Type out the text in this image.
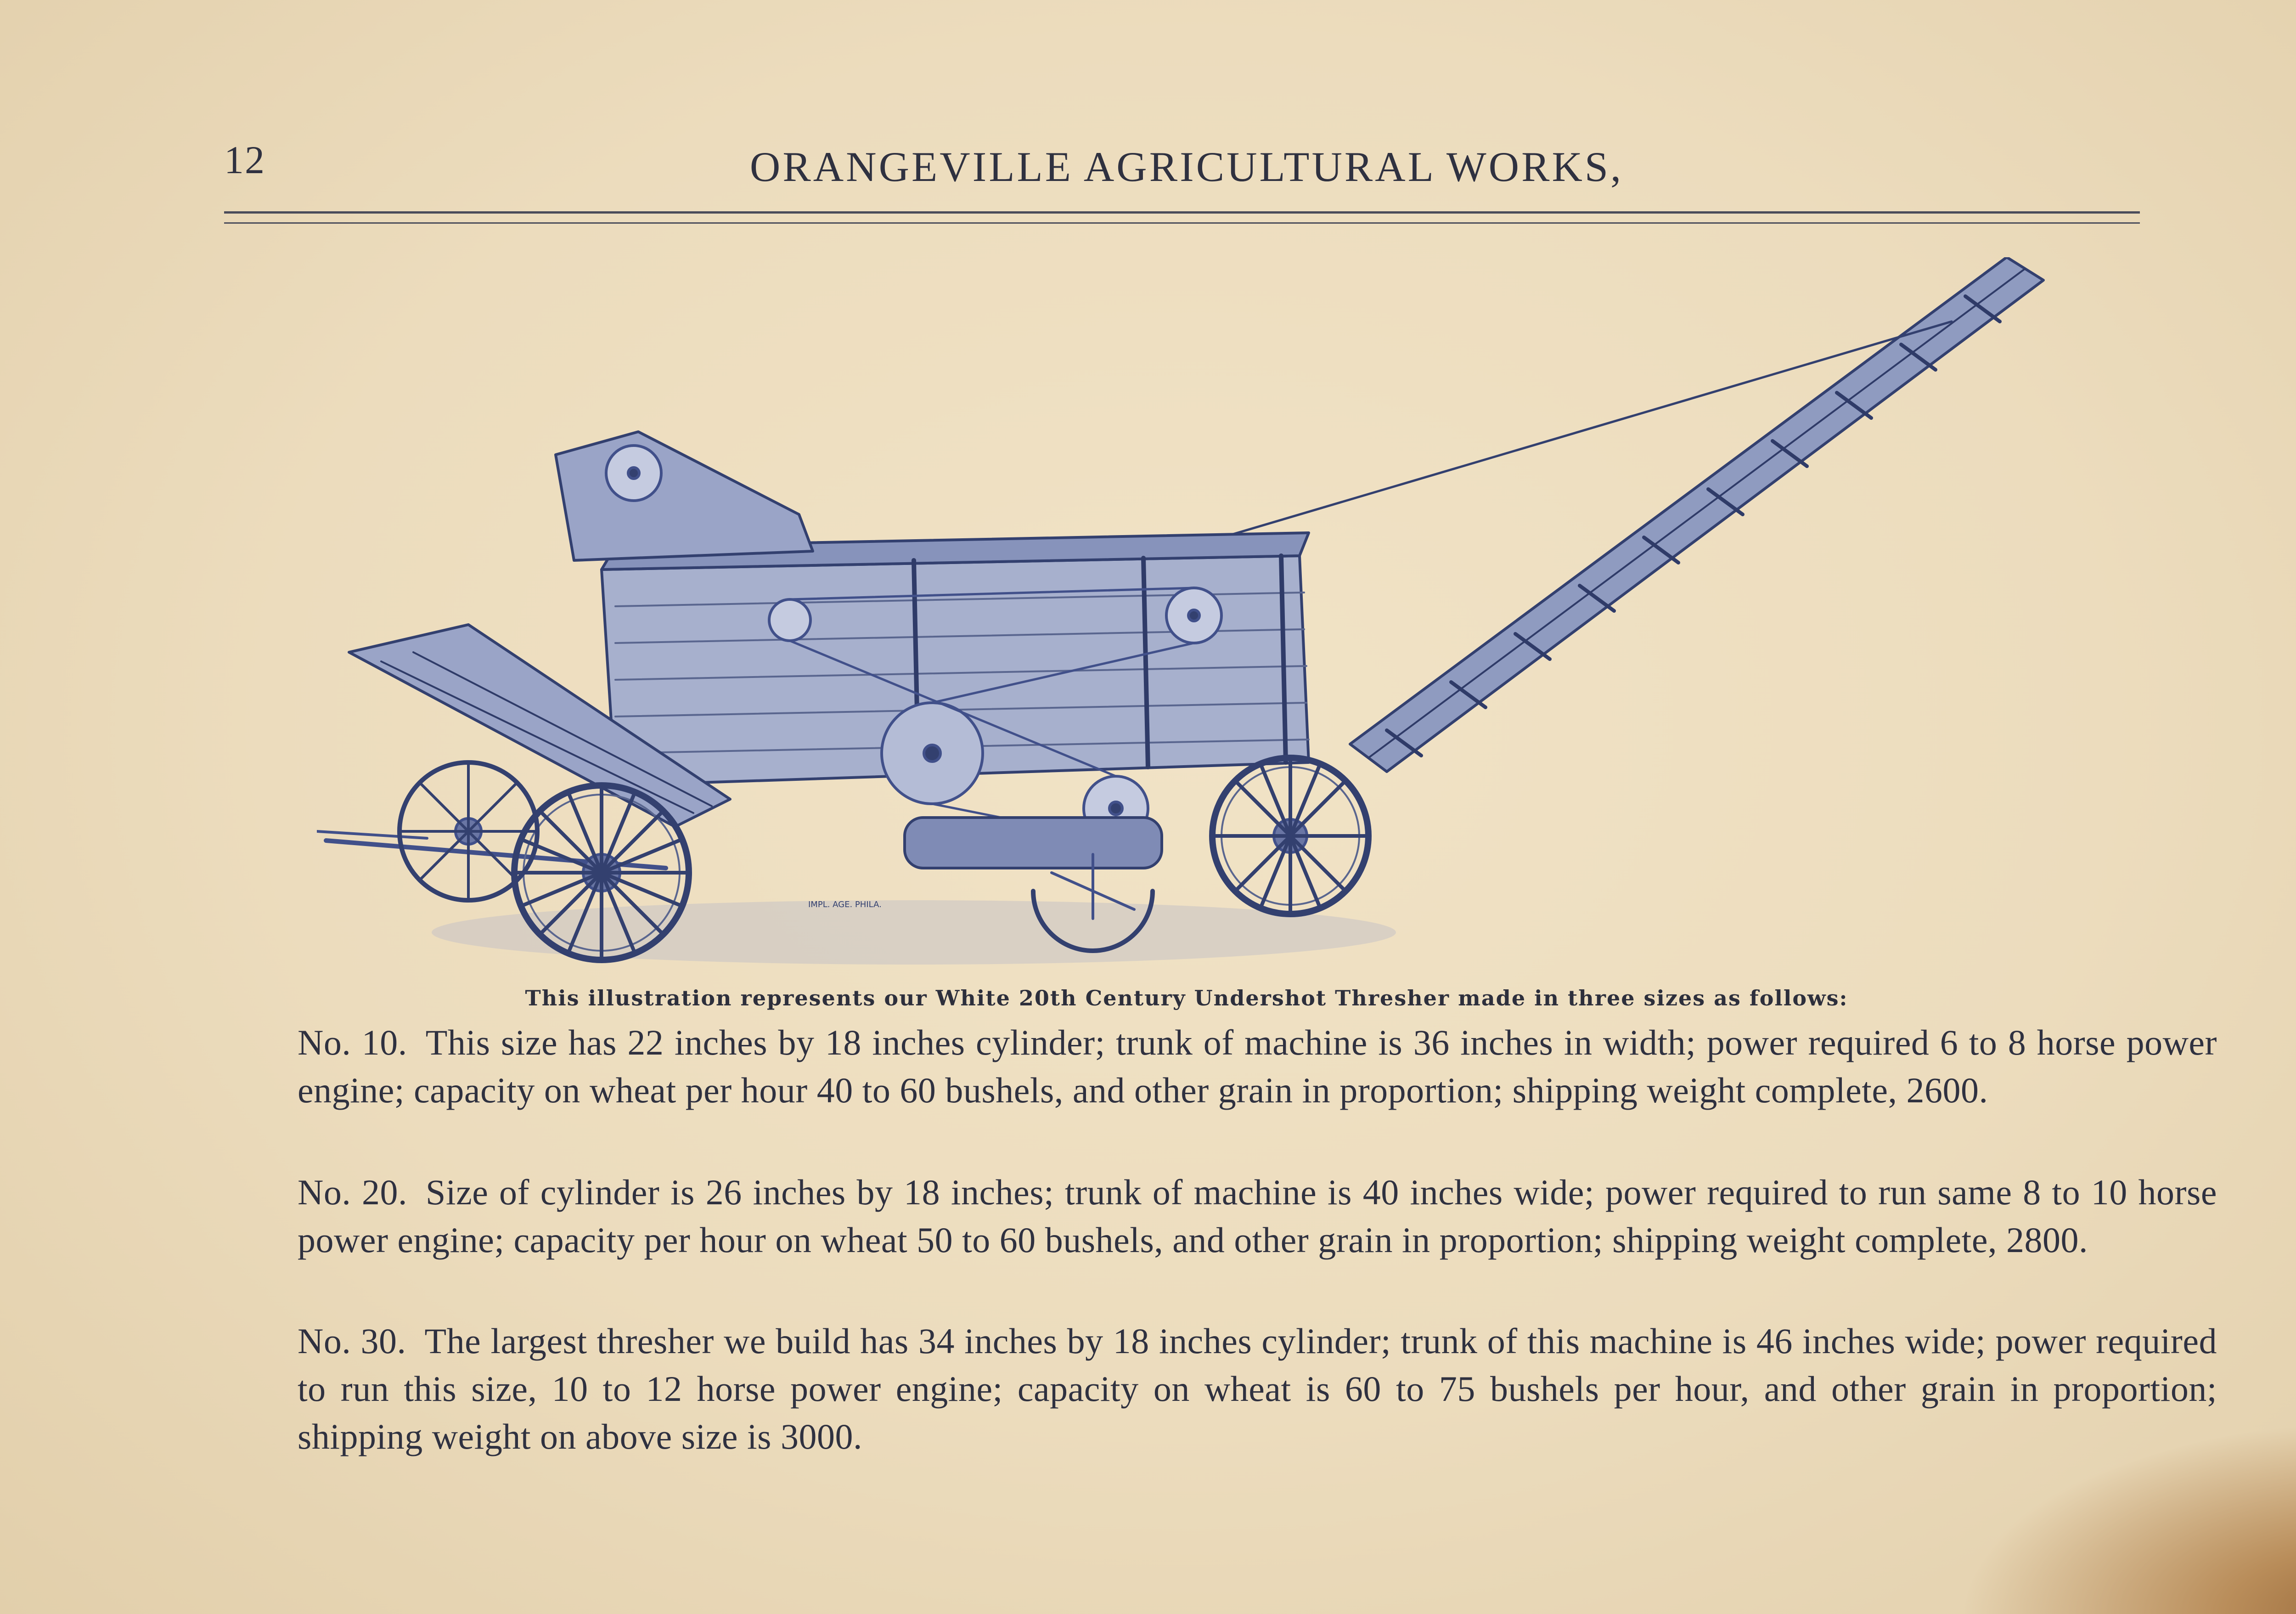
12	ORANGEVILLE AGRICULTURAL WORKS,
IMPL. AGE. PHILA.
This illustration represents our White 20th Century Undershot Thresher made in three sizes as follows:
No. 10. This size has 22 inches by 18 inches cylinder; trunk of machine is 36 inches in width; power required 6 to 8 horse power engine; capacity on wheat per hour 40 to 60 bushels, and other grain in proportion; shipping weight complete, 2600.
No. 20. Size of cylinder is 26 inches by 18 inches; trunk of machine is 40 inches wide; power required to run same 8 to 10 horse power engine; capacity per hour on wheat 50 to 60 bushels, and other grain in proportion; shipping weight complete, 2800.
No. 30. The largest thresher we build has 34 inches by 18 inches cylinder; trunk of this machine is 46 inches wide; power required to run this size, 10 to 12 horse power engine; capacity on wheat is 60 to 75 bushels per hour, and other grain in proportion; shipping weight on above size is 3000.
